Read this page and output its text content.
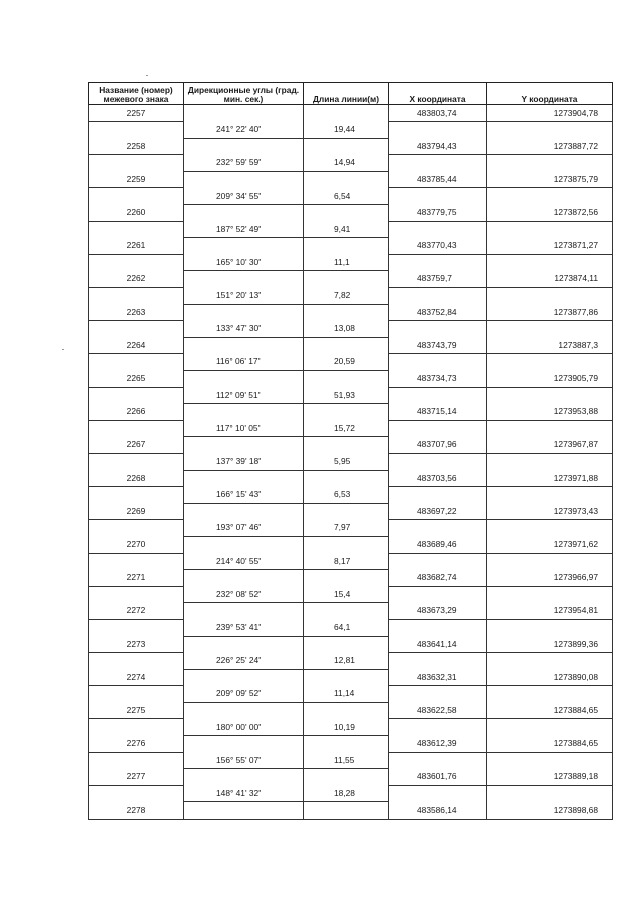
Название (номер) межевого знака	Дирекционные углы (град. мин. сек.)	Длина линии(м)	X координата	Y координата
2257			483803,74	1273904,78
	241° 22' 40"	19,44		
2258			483794,43	1273887,72
	232° 59' 59"	14,94		
2259			483785,44	1273875,79
	209° 34' 55"	6,54		
2260			483779,75	1273872,56
	187° 52' 49"	9,41		
2261			483770,43	1273871,27
	165° 10' 30"	11,1		
2262			483759,7	1273874,11
	151° 20' 13"	7,82		
2263			483752,84	1273877,86
	133° 47' 30"	13,08		
2264			483743,79	1273887,3
	116° 06' 17"	20,59		
2265			483734,73	1273905,79
	112° 09' 51"	51,93		
2266			483715,14	1273953,88
	117° 10' 05"	15,72		
2267			483707,96	1273967,87
	137° 39' 18"	5,95		
2268			483703,56	1273971,88
	166° 15' 43"	6,53		
2269			483697,22	1273973,43
	193° 07' 46"	7,97		
2270			483689,46	1273971,62
	214° 40' 55"	8,17		
2271			483682,74	1273966,97
	232° 08' 52"	15,4		
2272			483673,29	1273954,81
	239° 53' 41"	64,1		
2273			483641,14	1273899,36
	226° 25' 24"	12,81		
2274			483632,31	1273890,08
	209° 09' 52"	11,14		
2275			483622,58	1273884,65
	180° 00' 00"	10,19		
2276			483612,39	1273884,65
	156° 55' 07"	11,55		
2277			483601,76	1273889,18
	148° 41' 32"	18,28		
2278			483586,14	1273898,68
